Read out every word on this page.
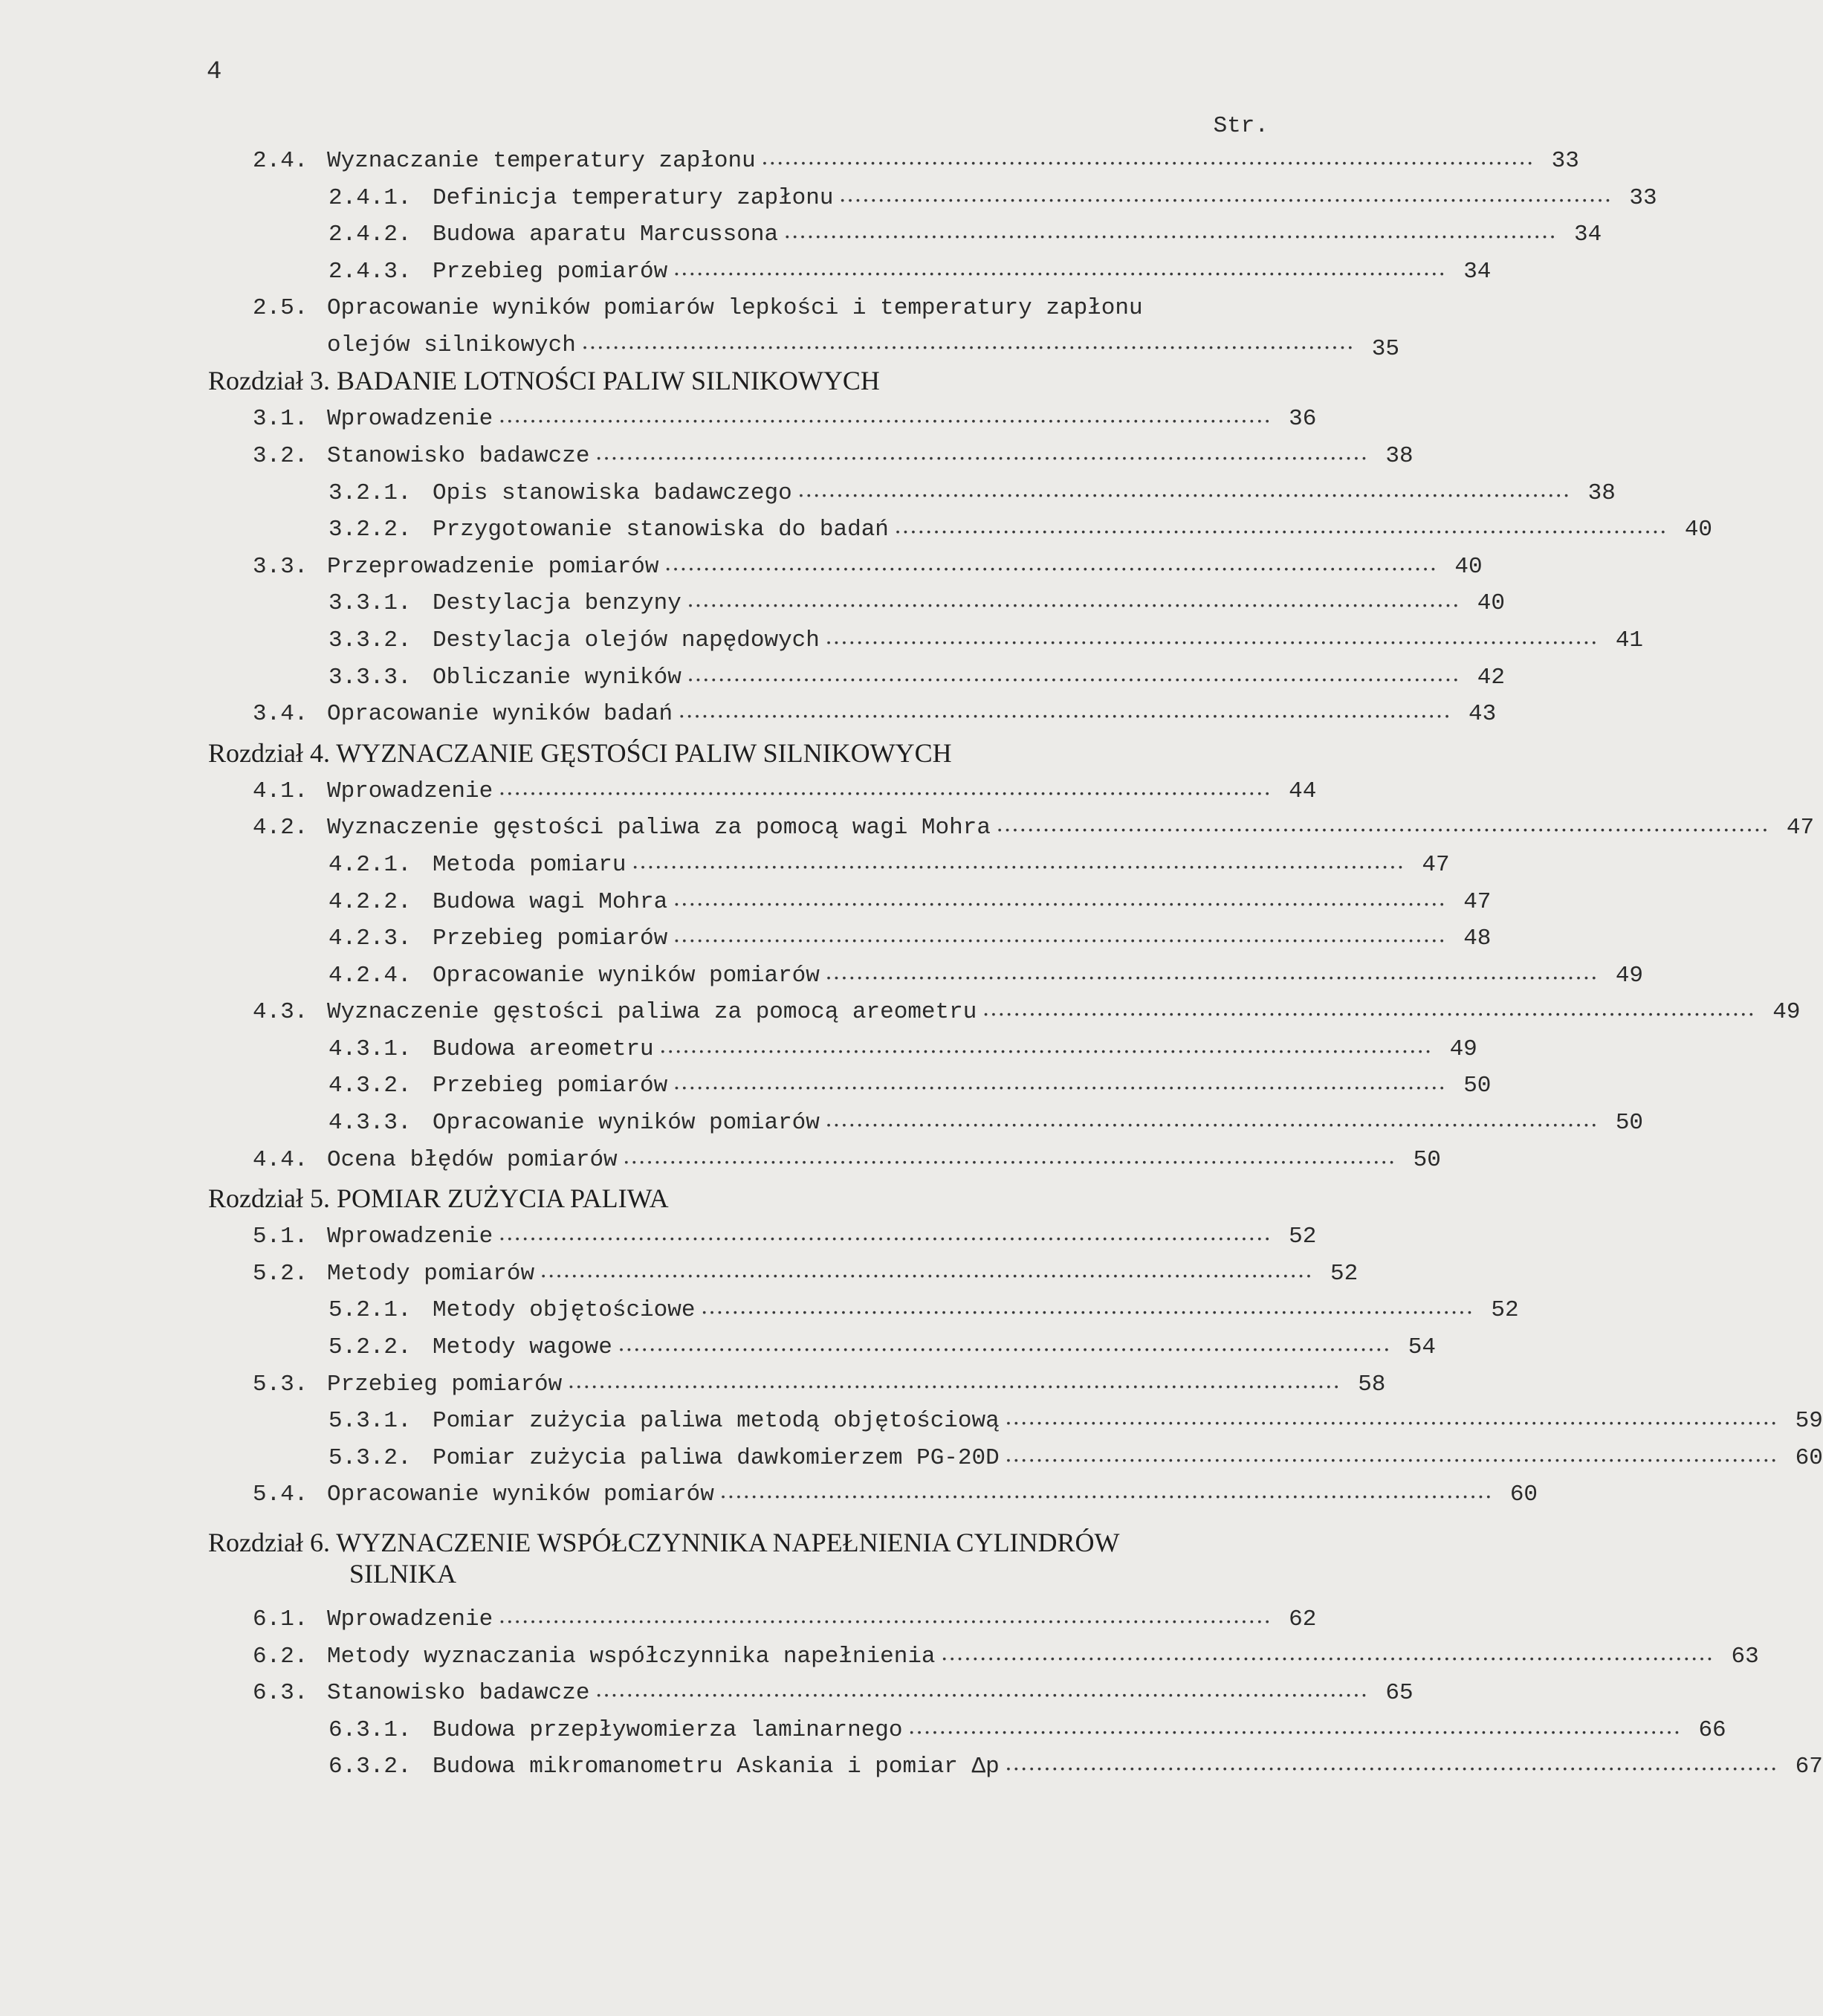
4
Str.
2.4. Wyznaczanie temperatury zapłonu •••••	33
2.4.1. Definicja temperatury zapłonu •••••	33
2.4.2. Budowa aparatu Marcussona •••••	34
2.4.3. Przebieg pomiarów •••••	34
2.5. Opracowanie wyników pomiarów lepkości i temperatury zapłonu
olejów silnikowych •••••	35
Rozdział 3. BADANIE LOTNOŚCI PALIW SILNIKOWYCH
3.1. Wprowadzenie •••••	36
3.2. Stanowisko badawcze •••••	38
3.2.1. Opis stanowiska badawczego •••••	38
3.2.2. Przygotowanie stanowiska do badań •••••	40
3.3. Przeprowadzenie pomiarów •••••	40
3.3.1. Destylacja benzyny •••••	40
3.3.2. Destylacja olejów napędowych •••••	41
3.3.3. Obliczanie wyników •••••	42
3.4. Opracowanie wyników badań •••••	43
Rozdział 4. WYZNACZANIE GĘSTOŚCI PALIW SILNIKOWYCH
4.1. Wprowadzenie •••••	44
4.2. Wyznaczenie gęstości paliwa za pomocą wagi Mohra •••••	47
4.2.1. Metoda pomiaru •••••	47
4.2.2. Budowa wagi Mohra •••••	47
4.2.3. Przebieg pomiarów •••••	48
4.2.4. Opracowanie wyników pomiarów •••••	49
4.3. Wyznaczenie gęstości paliwa za pomocą areometru •••••	49
4.3.1. Budowa areometru •••••	49
4.3.2. Przebieg pomiarów •••••	50
4.3.3. Opracowanie wyników pomiarów •••••	50
4.4. Ocena błędów pomiarów •••••	50
Rozdział 5. POMIAR ZUŻYCIA PALIWA
5.1. Wprowadzenie •••••	52
5.2. Metody pomiarów •••••	52
5.2.1. Metody objętościowe •••••	52
5.2.2. Metody wagowe •••••	54
5.3. Przebieg pomiarów •••••	58
5.3.1. Pomiar zużycia paliwa metodą objętościową •••••	59
5.3.2. Pomiar zużycia paliwa dawkomierzem PG-20D •••••	60
5.4. Opracowanie wyników pomiarów •••••	60
Rozdział 6. WYZNACZENIE WSPÓŁCZYNNIKA NAPEŁNIENIA CYLINDRÓW
SILNIKA
6.1. Wprowadzenie •••••	62
6.2. Metody wyznaczania współczynnika napełnienia •••••	63
6.3. Stanowisko badawcze •••••	65
6.3.1. Budowa przepływomierza laminarnego •••••	66
6.3.2. Budowa mikromanometru Askania i pomiar Δp •••••	67
